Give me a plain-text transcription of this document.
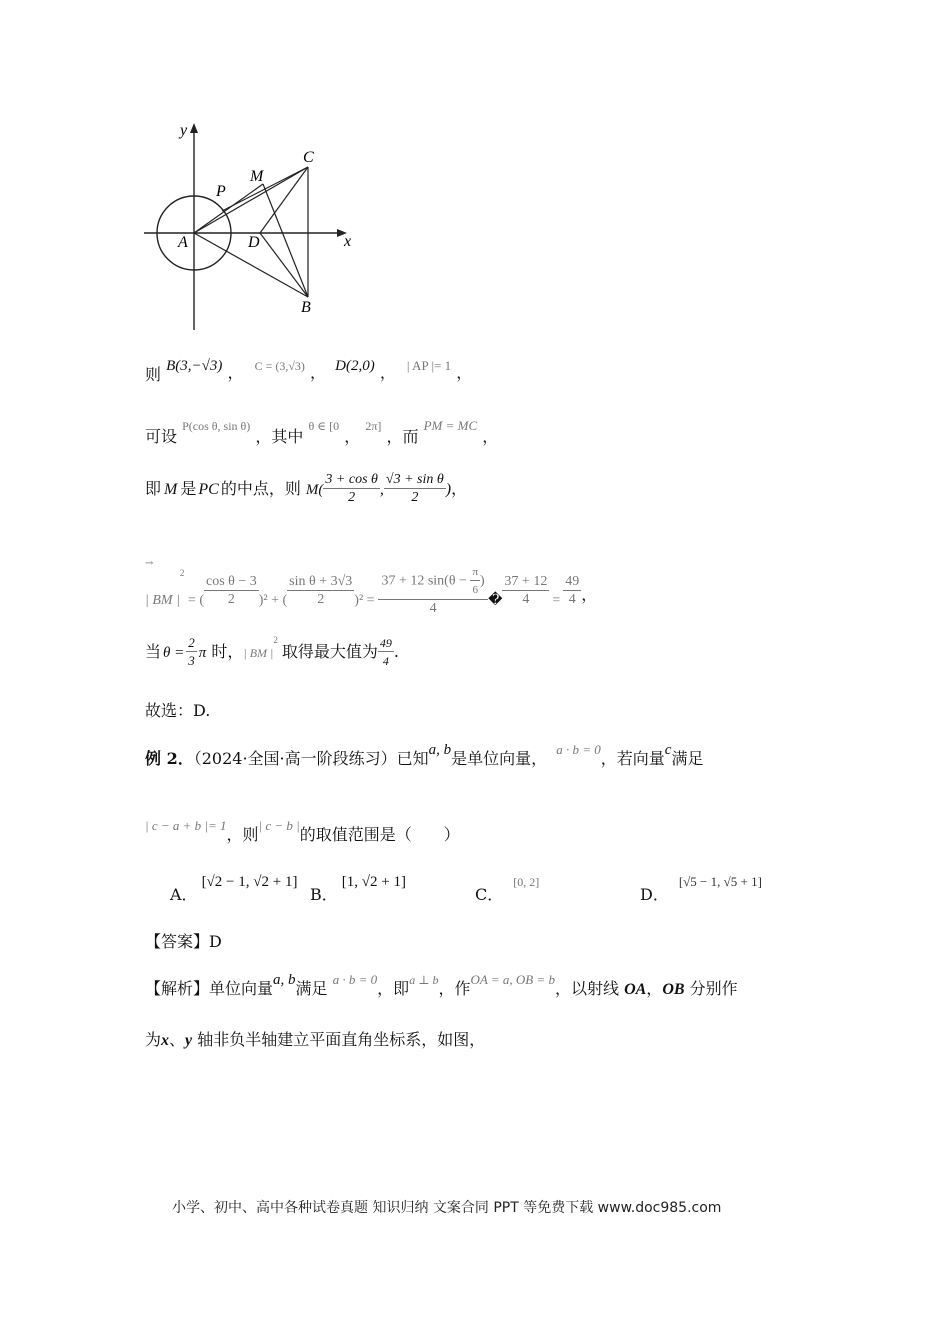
y
x
A
B
C
D
M
P
则 B(3,−√3) ， C = (3,√3) ， D(2,0) ， | AP |= 1 ，
可设 P(cos θ, sin θ) ，其中 θ ∈ [0 ， 2π] ，而 PM = MC ，
即 M 是 PC 的中点，则 $M( \frac{\text{3 + cos θ}}{2}$ , $\frac{\text{√3 + sin θ}}{2}$ )，
→
| BM $|^2$ = ( $\frac{\text{cos θ − 3}}{2} )^2$ + ( $\frac{\text{sin θ + 3√3}}{2} )^2 = \frac{37 + 12 \sin(\theta - \frac{\pi}{6} )}{4}$ � $\frac{37 + 12}{4} = \frac{49}{4}$ ，
当 $\theta = \frac{2}{3}$ π 时，| BM $|^2$取得最大值为 $\frac{49}{4}$ .
故选：D.
例 2．（2024·全国·高一阶段练习）已知a, b是单位向量， a · b = 0，若向量c满足
| c − a + b |= 1，则| c − b |的取值范围是（　　）
A．[√2 − 1, √2 + 1]
B．[1, √2 + 1]
C．[0, 2]
D．[√5 − 1, √5 + 1]
【答案】D
【解析】单位向量a, b满足 a · b = 0，即a ⊥ b，作OA = a, OB = b，以射线 OA，OB 分别作
为x、y 轴非负半轴建立平面直角坐标系，如图，
小学、初中、高中各种试卷真题 知识归纳 文案合同 PPT 等免费下载 www.doc985.com
